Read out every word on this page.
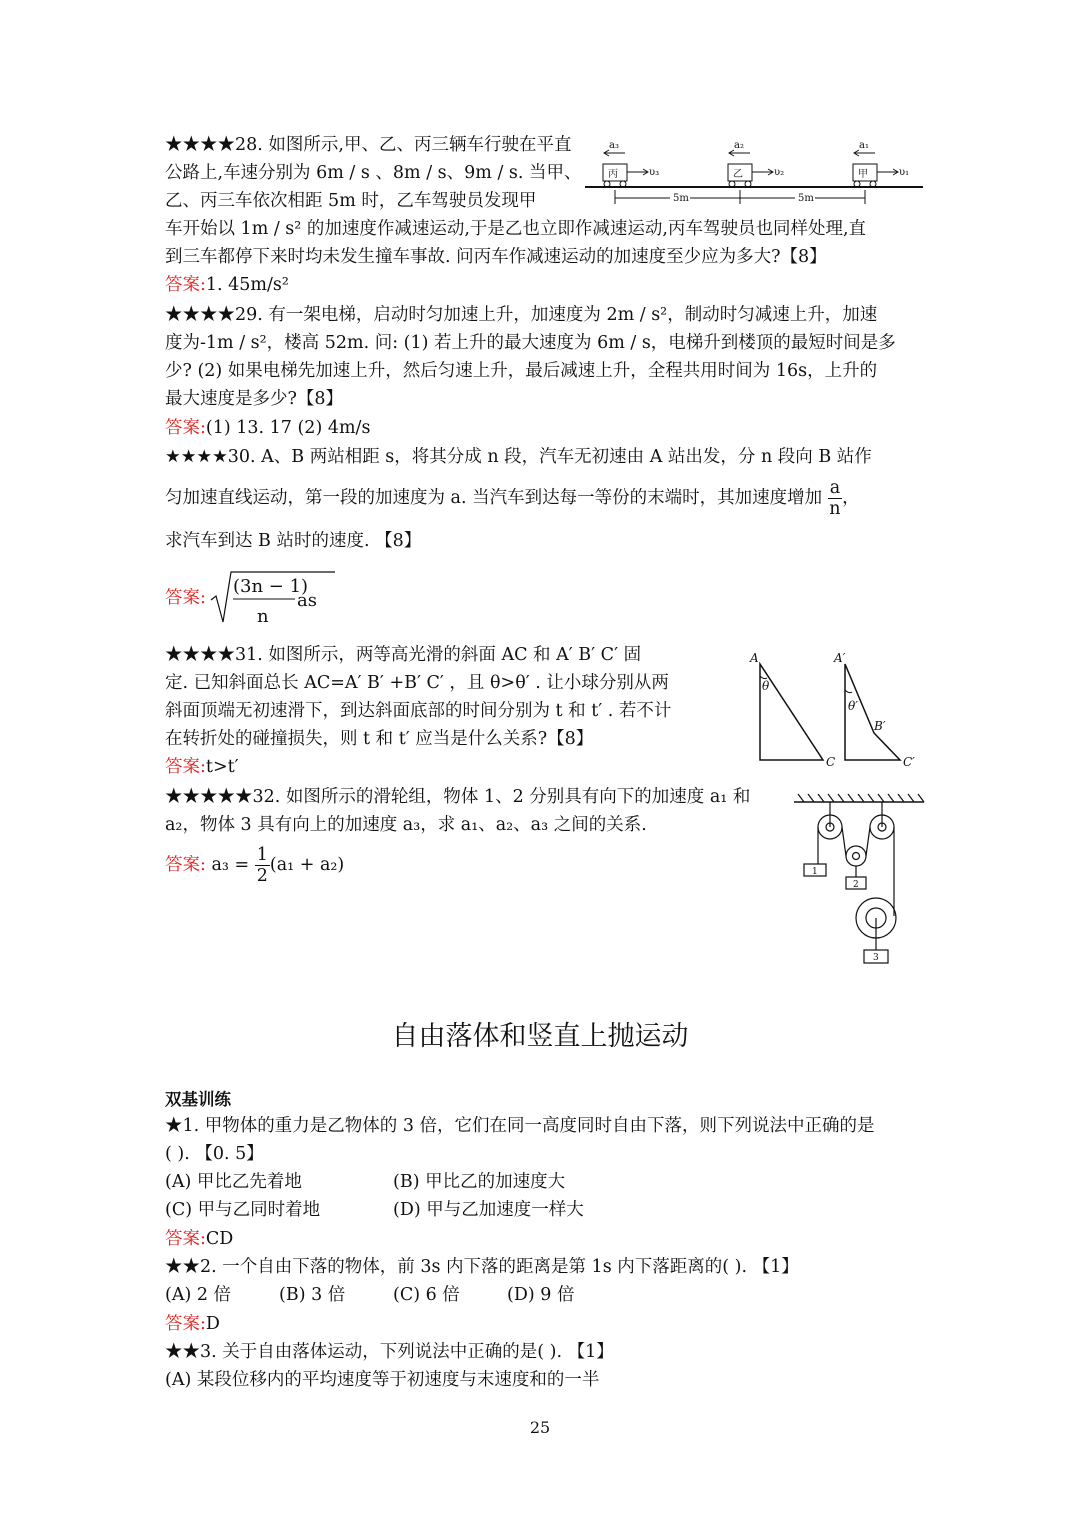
★★★★28. 如图所示,甲、乙、丙三辆车行驶在平直
公路上,车速分别为 6m / s 、8m / s、9m / s. 当甲、
乙、丙三车依次相距 5m 时，乙车驾驶员发现甲
车开始以 1m / s² 的加速度作减速运动,于是乙也立即作减速运动,丙车驾驶员也同样处理,直
到三车都停下来时均未发生撞车事故. 问丙车作减速运动的加速度至少应为多大?【8】
答案:1. 45m/s²
丙	乙	甲
a₃	a₂	a₁
υ₃	υ₂	υ₁
5m	5m
★★★★29. 有一架电梯，启动时匀加速上升，加速度为 2m / s²，制动时匀减速上升，加速
度为-1m / s²，楼高 52m. 问: (1) 若上升的最大速度为 6m / s，电梯升到楼顶的最短时间是多
少? (2) 如果电梯先加速上升，然后匀速上升，最后减速上升，全程共用时间为 16s，上升的
最大速度是多少?【8】
答案:(1) 13. 17 (2) 4m/s
★★★★30. A、B 两站相距 s，将其分成 n 段，汽车无初速由 A 站出发，分 n 段向 B 站作
匀加速直线运动，第一段的加速度为 a. 当汽车到达每一等份的末端时，其加速度增加 $\frac{a}{n}$ ，
求汽车到达 B 站时的速度. 【8】
答案:
(3n − 1)
n
as
★★★★31. 如图所示，两等高光滑的斜面 AC 和 A′ B′ C′ 固
定. 已知斜面总长 AC=A′ B′ +B′ C′ ，且 θ>θ′ . 让小球分别从两
斜面顶端无初速滑下，到达斜面底部的时间分别为 t 和 t′ . 若不计
在转折处的碰撞损失，则 t 和 t′ 应当是什么关系?【8】
答案:t>t′
A
C
θ
A′
B′
C′
θ′
★★★★★32. 如图所示的滑轮组，物体 1、2 分别具有向下的加速度 a₁ 和
a₂，物体 3 具有向上的加速度 a₃，求 a₁、a₂、a₃ 之间的关系.
答案: $a_3 = \frac{1}{2} (a_1 + a_2)$	1
2
3
自由落体和竖直上抛运动
双基训练
★1. 甲物体的重力是乙物体的 3 倍，它们在同一高度同时自由下落，则下列说法中正确的是
( ). 【0. 5】
(A) 甲比乙先着地	(B) 甲比乙的加速度大
(C) 甲与乙同时着地	(D) 甲与乙加速度一样大
答案:CD
★★2. 一个自由下落的物体，前 3s 内下落的距离是第 1s 内下落距离的( ). 【1】
(A) 2 倍	(B) 3 倍	(C) 6 倍	(D) 9 倍
答案:D
★★3. 关于自由落体运动，下列说法中正确的是( ). 【1】
(A) 某段位移内的平均速度等于初速度与末速度和的一半
25
